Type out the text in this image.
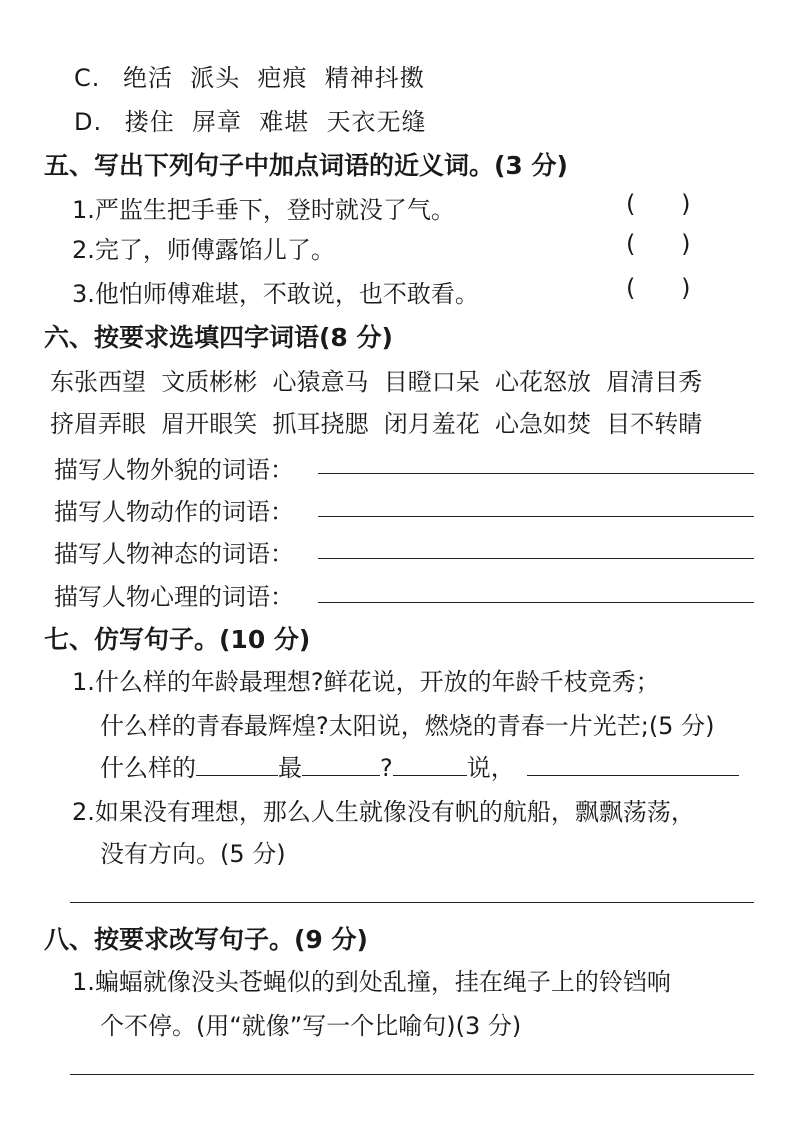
C. 绝活  派头  疤痕  精神抖擞
D. 搂住  屏章  难堪  天衣无缝
五、写出下列句子中加点词语的近义词。(3 分)
1.严监生把手垂下，登时就没了气。	(      )
2.完了，师傅露馅儿了。	(      )
3.他怕师傅难堪，不敢说，也不敢看。	(      )
六、按要求选填四字词语(8 分)
东张西望  文质彬彬  心猿意马  目瞪口呆  心花怒放  眉清目秀
挤眉弄眼  眉开眼笑  抓耳挠腮  闭月羞花  心急如焚  目不转睛
描写人物外貌的词语：
描写人物动作的词语：
描写人物神态的词语：
描写人物心理的词语：
七、仿写句子。(10 分)
1.什么样的年龄最理想?鲜花说，开放的年龄千枝竞秀；
什么样的青春最辉煌?太阳说，燃烧的青春一片光芒;(5 分)
什么样的	最	?	说，
2.如果没有理想，那么人生就像没有帆的航船，飘飘荡荡，
没有方向。(5 分)
八、按要求改写句子。(9 分)
1.蝙蝠就像没头苍蝇似的到处乱撞，挂在绳子上的铃铛响
个不停。(用“就像”写一个比喻句)(3 分)
